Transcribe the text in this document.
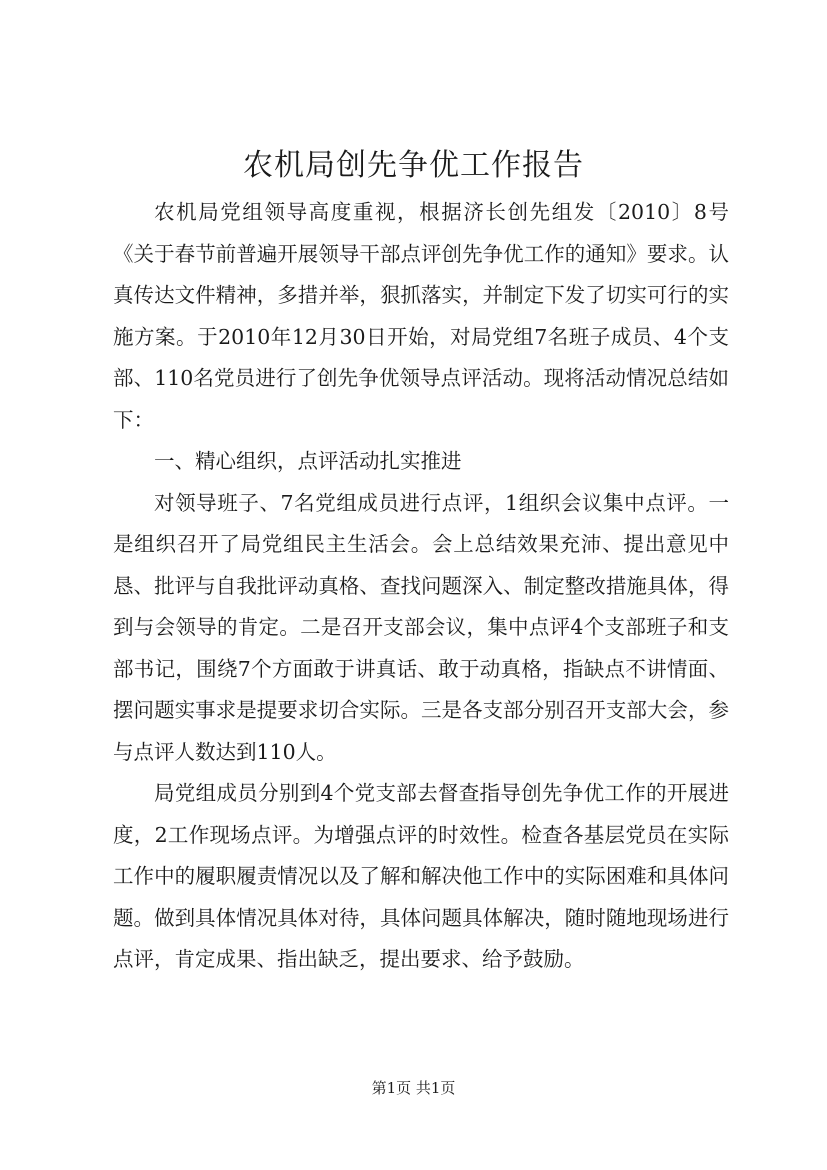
农机局创先争优工作报告

农机局党组领导高度重视，根据济长创先组发〔2010〕8号《关于春节前普遍开展领导干部点评创先争优工作的通知》要求。认真传达文件精神，多措并举，狠抓落实，并制定下发了切实可行的实施方案。于2010年12月30日开始，对局党组7名班子成员、4个支部、110名党员进行了创先争优领导点评活动。现将活动情况总结如下：

一、精心组织，点评活动扎实推进

对领导班子、7名党组成员进行点评，1组织会议集中点评。一是组织召开了局党组民主生活会。会上总结效果充沛、提出意见中恳、批评与自我批评动真格、查找问题深入、制定整改措施具体，得到与会领导的肯定。二是召开支部会议，集中点评4个支部班子和支部书记，围绕7个方面敢于讲真话、敢于动真格，指缺点不讲情面、摆问题实事求是提要求切合实际。三是各支部分别召开支部大会，参与点评人数达到110人。

局党组成员分别到4个党支部去督查指导创先争优工作的开展进度，2工作现场点评。为增强点评的时效性。检查各基层党员在实际工作中的履职履责情况以及了解和解决他工作中的实际困难和具体问题。做到具体情况具体对待，具体问题具体解决，随时随地现场进行点评，肯定成果、指出缺乏，提出要求、给予鼓励。

第1页 共1页
